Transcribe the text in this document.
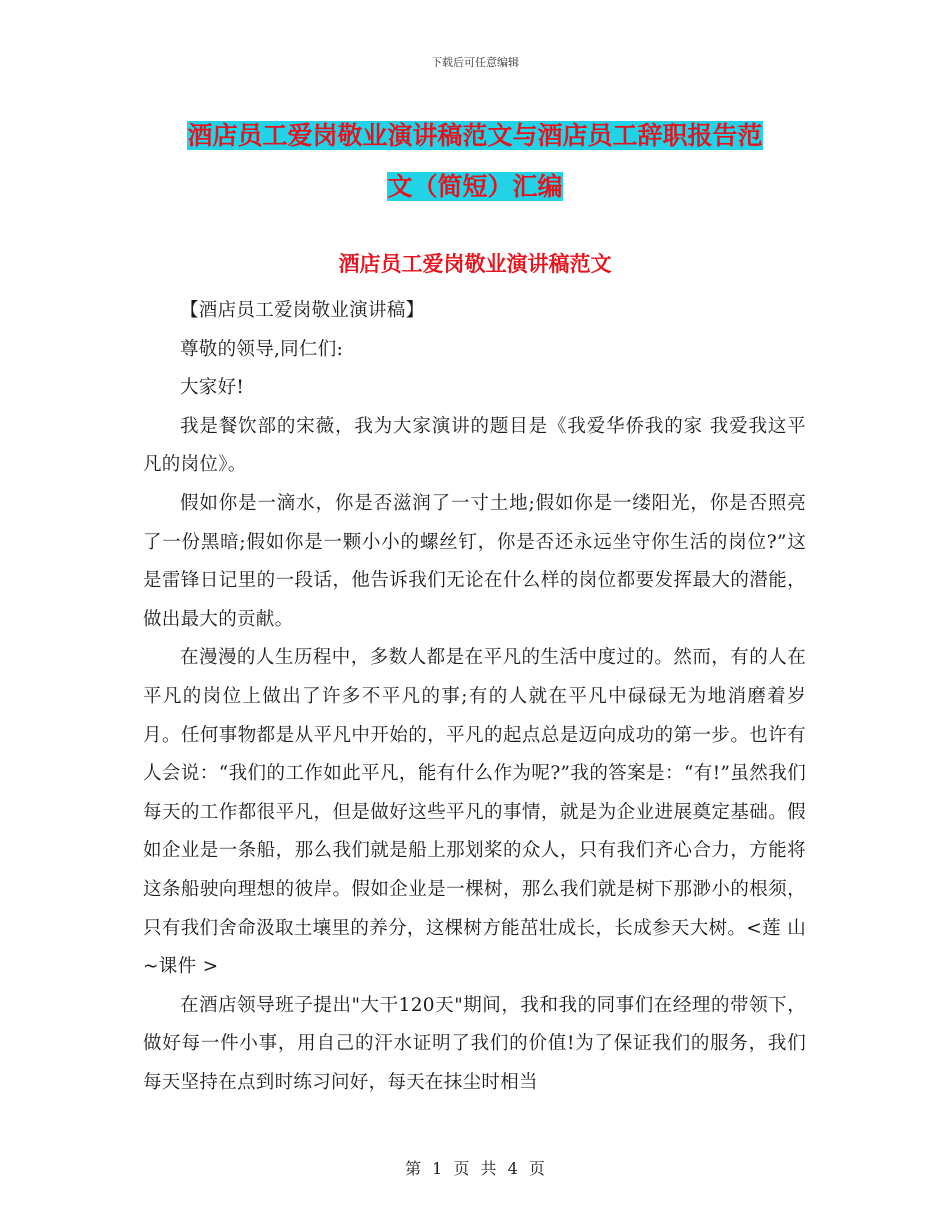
下载后可任意编辑
酒店员工爱岗敬业演讲稿范文与酒店员工辞职报告范
文（简短）汇编
酒店员工爱岗敬业演讲稿范文

【酒店员工爱岗敬业演讲稿】

尊敬的领导,同仁们:

大家好!

我是餐饮部的宋薇，我为大家演讲的题目是《我爱华侨我的家 我爱我这平凡的岗位》。

假如你是一滴水，你是否滋润了一寸土地;假如你是一缕阳光，你是否照亮了一份黑暗;假如你是一颗小小的螺丝钉，你是否还永远坐守你生活的岗位?”这是雷锋日记里的一段话，他告诉我们无论在什么样的岗位都要发挥最大的潜能，做出最大的贡献。

在漫漫的人生历程中，多数人都是在平凡的生活中度过的。然而，有的人在平凡的岗位上做出了许多不平凡的事;有的人就在平凡中碌碌无为地消磨着岁月。任何事物都是从平凡中开始的，平凡的起点总是迈向成功的第一步。也许有人会说：“我们的工作如此平凡，能有什么作为呢?”我的答案是：“有!”虽然我们每天的工作都很平凡，但是做好这些平凡的事情，就是为企业进展奠定基础。假如企业是一条船，那么我们就是船上那划桨的众人，只有我们齐心合力，方能将这条船驶向理想的彼岸。假如企业是一棵树，那么我们就是树下那渺小的根须，只有我们舍命汲取土壤里的养分，这棵树方能茁壮成长，长成参天大树。<莲 山~课件 >

在酒店领导班子提出"大干120天"期间，我和我的同事们在经理的带领下，做好每一件小事，用自己的汗水证明了我们的价值!为了保证我们的服务，我们每天坚持在点到时练习问好，每天在抹尘时相当

第 1 页 共 4 页
